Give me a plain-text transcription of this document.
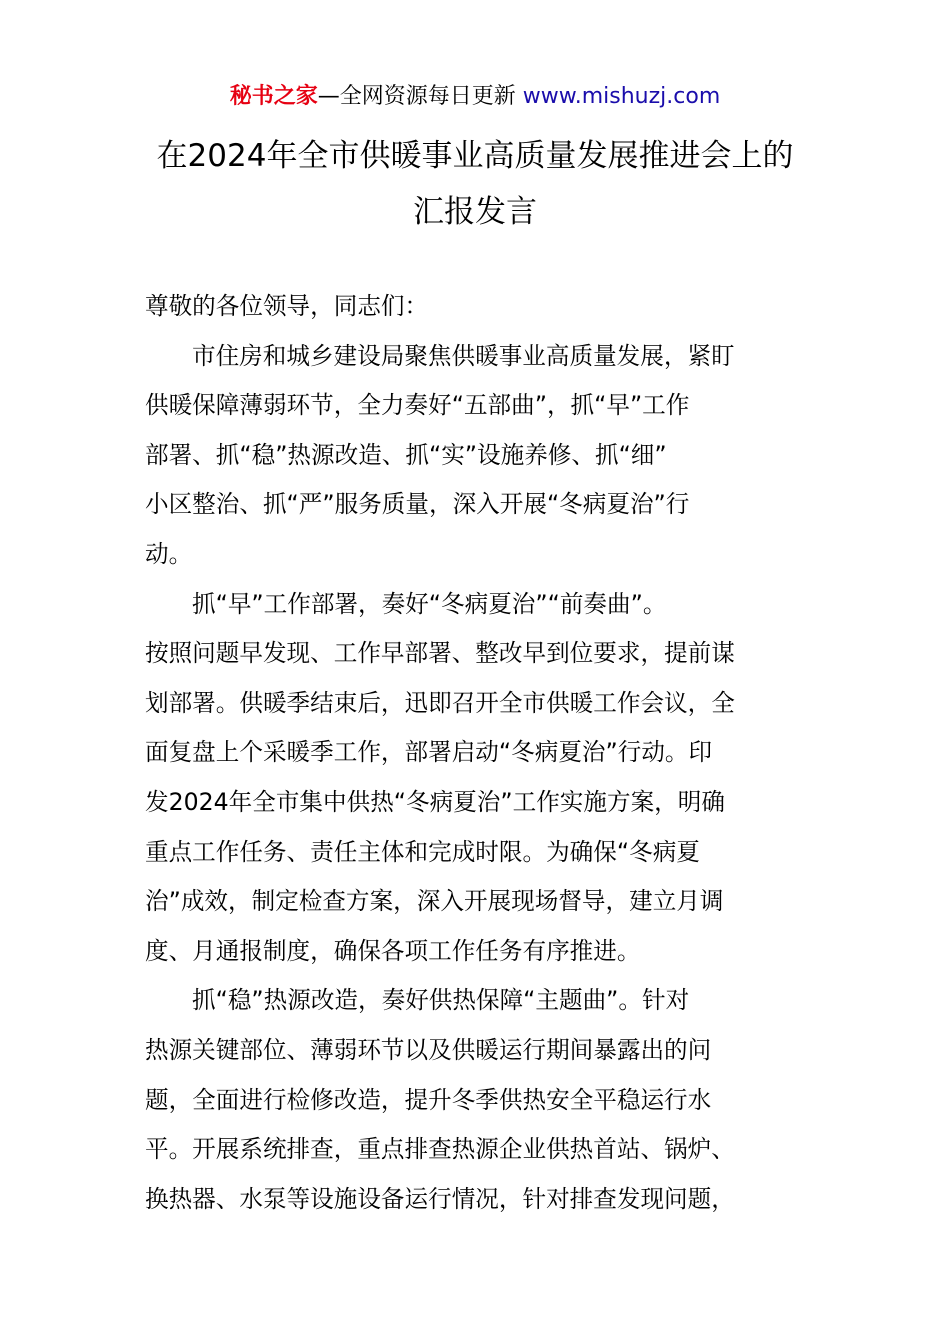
秘书之家—全网资源每日更新 www.mishuzj.com
在2024年全市供暖事业高质量发展推进会上的
汇报发言
尊敬的各位领导，同志们：
市住房和城乡建设局聚焦供暖事业高质量发展，紧盯
供暖保障薄弱环节，全力奏好“五部曲”，抓“早”工作
部署、抓“稳”热源改造、抓“实”设施养修、抓“细”
小区整治、抓“严”服务质量，深入开展“冬病夏治”行
动。
抓“早”工作部署，奏好“冬病夏治”“前奏曲”。
按照问题早发现、工作早部署、整改早到位要求，提前谋
划部署。供暖季结束后，迅即召开全市供暖工作会议，全
面复盘上个采暖季工作，部署启动“冬病夏治”行动。印
发2024年全市集中供热“冬病夏治”工作实施方案，明确
重点工作任务、责任主体和完成时限。为确保“冬病夏
治”成效，制定检查方案，深入开展现场督导，建立月调
度、月通报制度，确保各项工作任务有序推进。
抓“稳”热源改造，奏好供热保障“主题曲”。针对
热源关键部位、薄弱环节以及供暖运行期间暴露出的问
题，全面进行检修改造，提升冬季供热安全平稳运行水
平。开展系统排查，重点排查热源企业供热首站、锅炉、
换热器、水泵等设施设备运行情况，针对排查发现问题，
